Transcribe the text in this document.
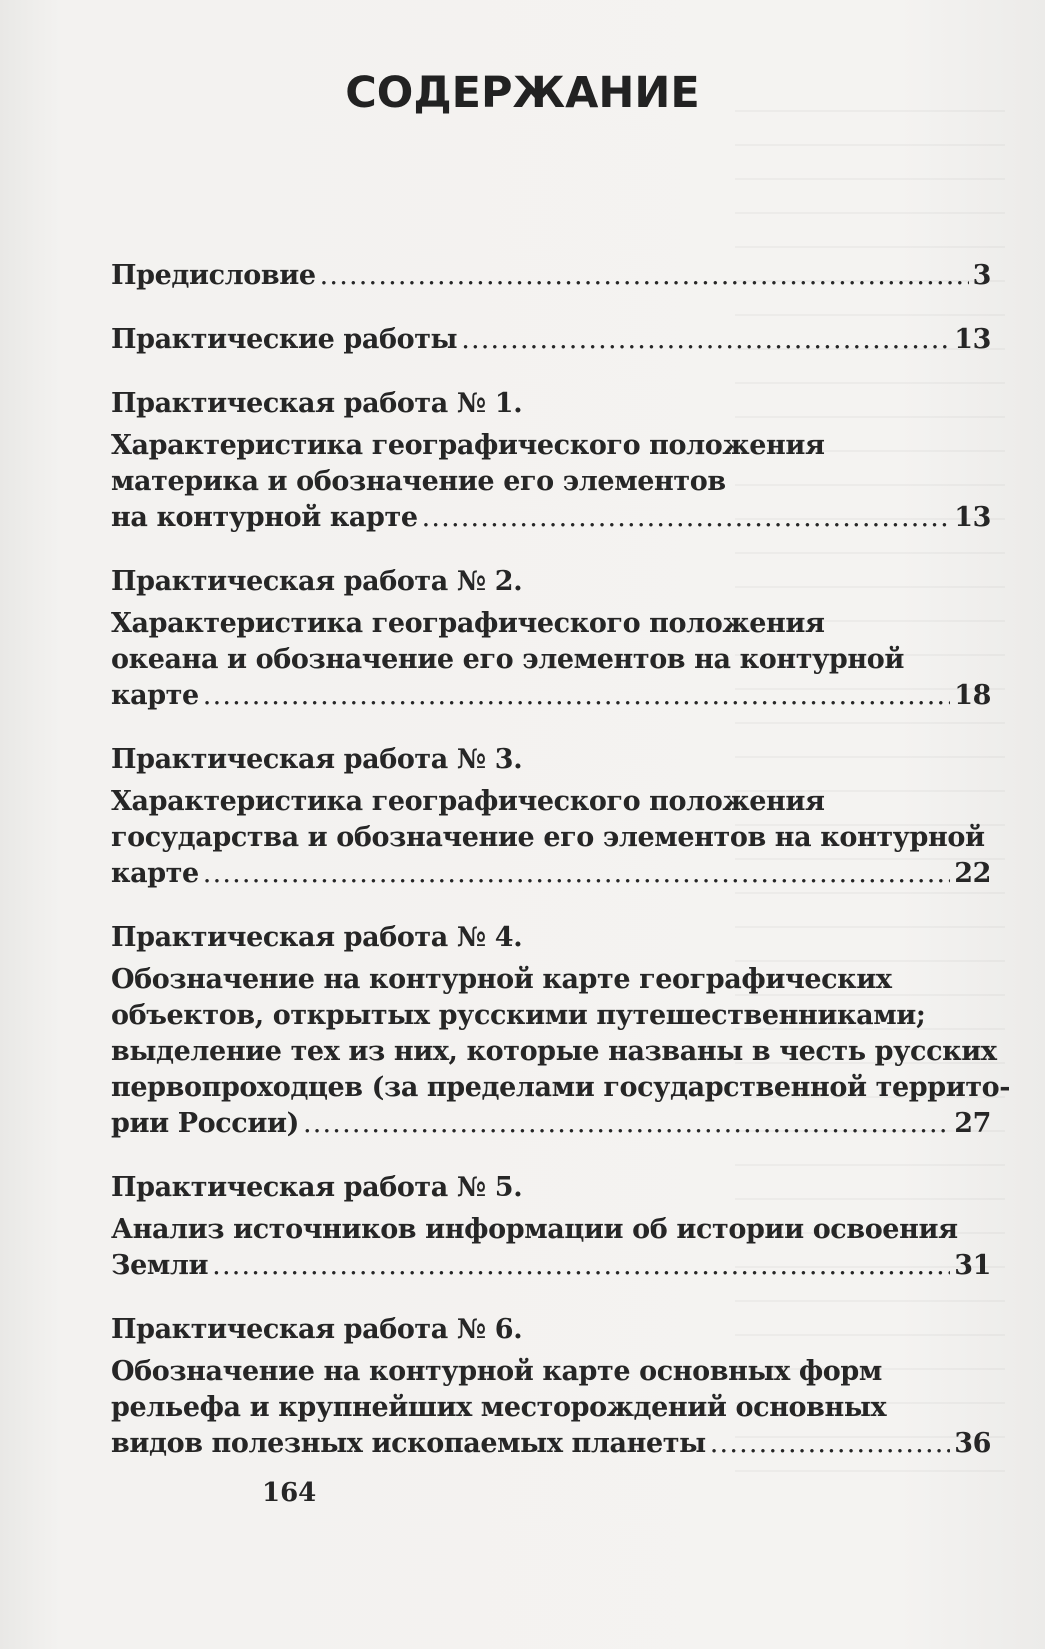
СОДЕРЖАНИЕ
Предисловие .....	3
Практические работы .....	13
Практическая работа № 1.
Характеристика географического положения
материка и обозначение его элементов
на контурной карте .....	13
Практическая работа № 2.
Характеристика географического положения
океана и обозначение его элементов на контурной
карте .....	18
Практическая работа № 3.
Характеристика географического положения
государства и обозначение его элементов на контурной
карте .....	22
Практическая работа № 4.
Обозначение на контурной карте географических
объектов, открытых русскими путешественниками;
выделение тех из них, которые названы в честь русских
первопроходцев (за пределами государственной террито-
рии России) .....	27
Практическая работа № 5.
Анализ источников информации об истории освоения
Земли .....	31
Практическая работа № 6.
Обозначение на контурной карте основных форм
рельефа и крупнейших месторождений основных
видов полезных ископаемых планеты .....	36
164
